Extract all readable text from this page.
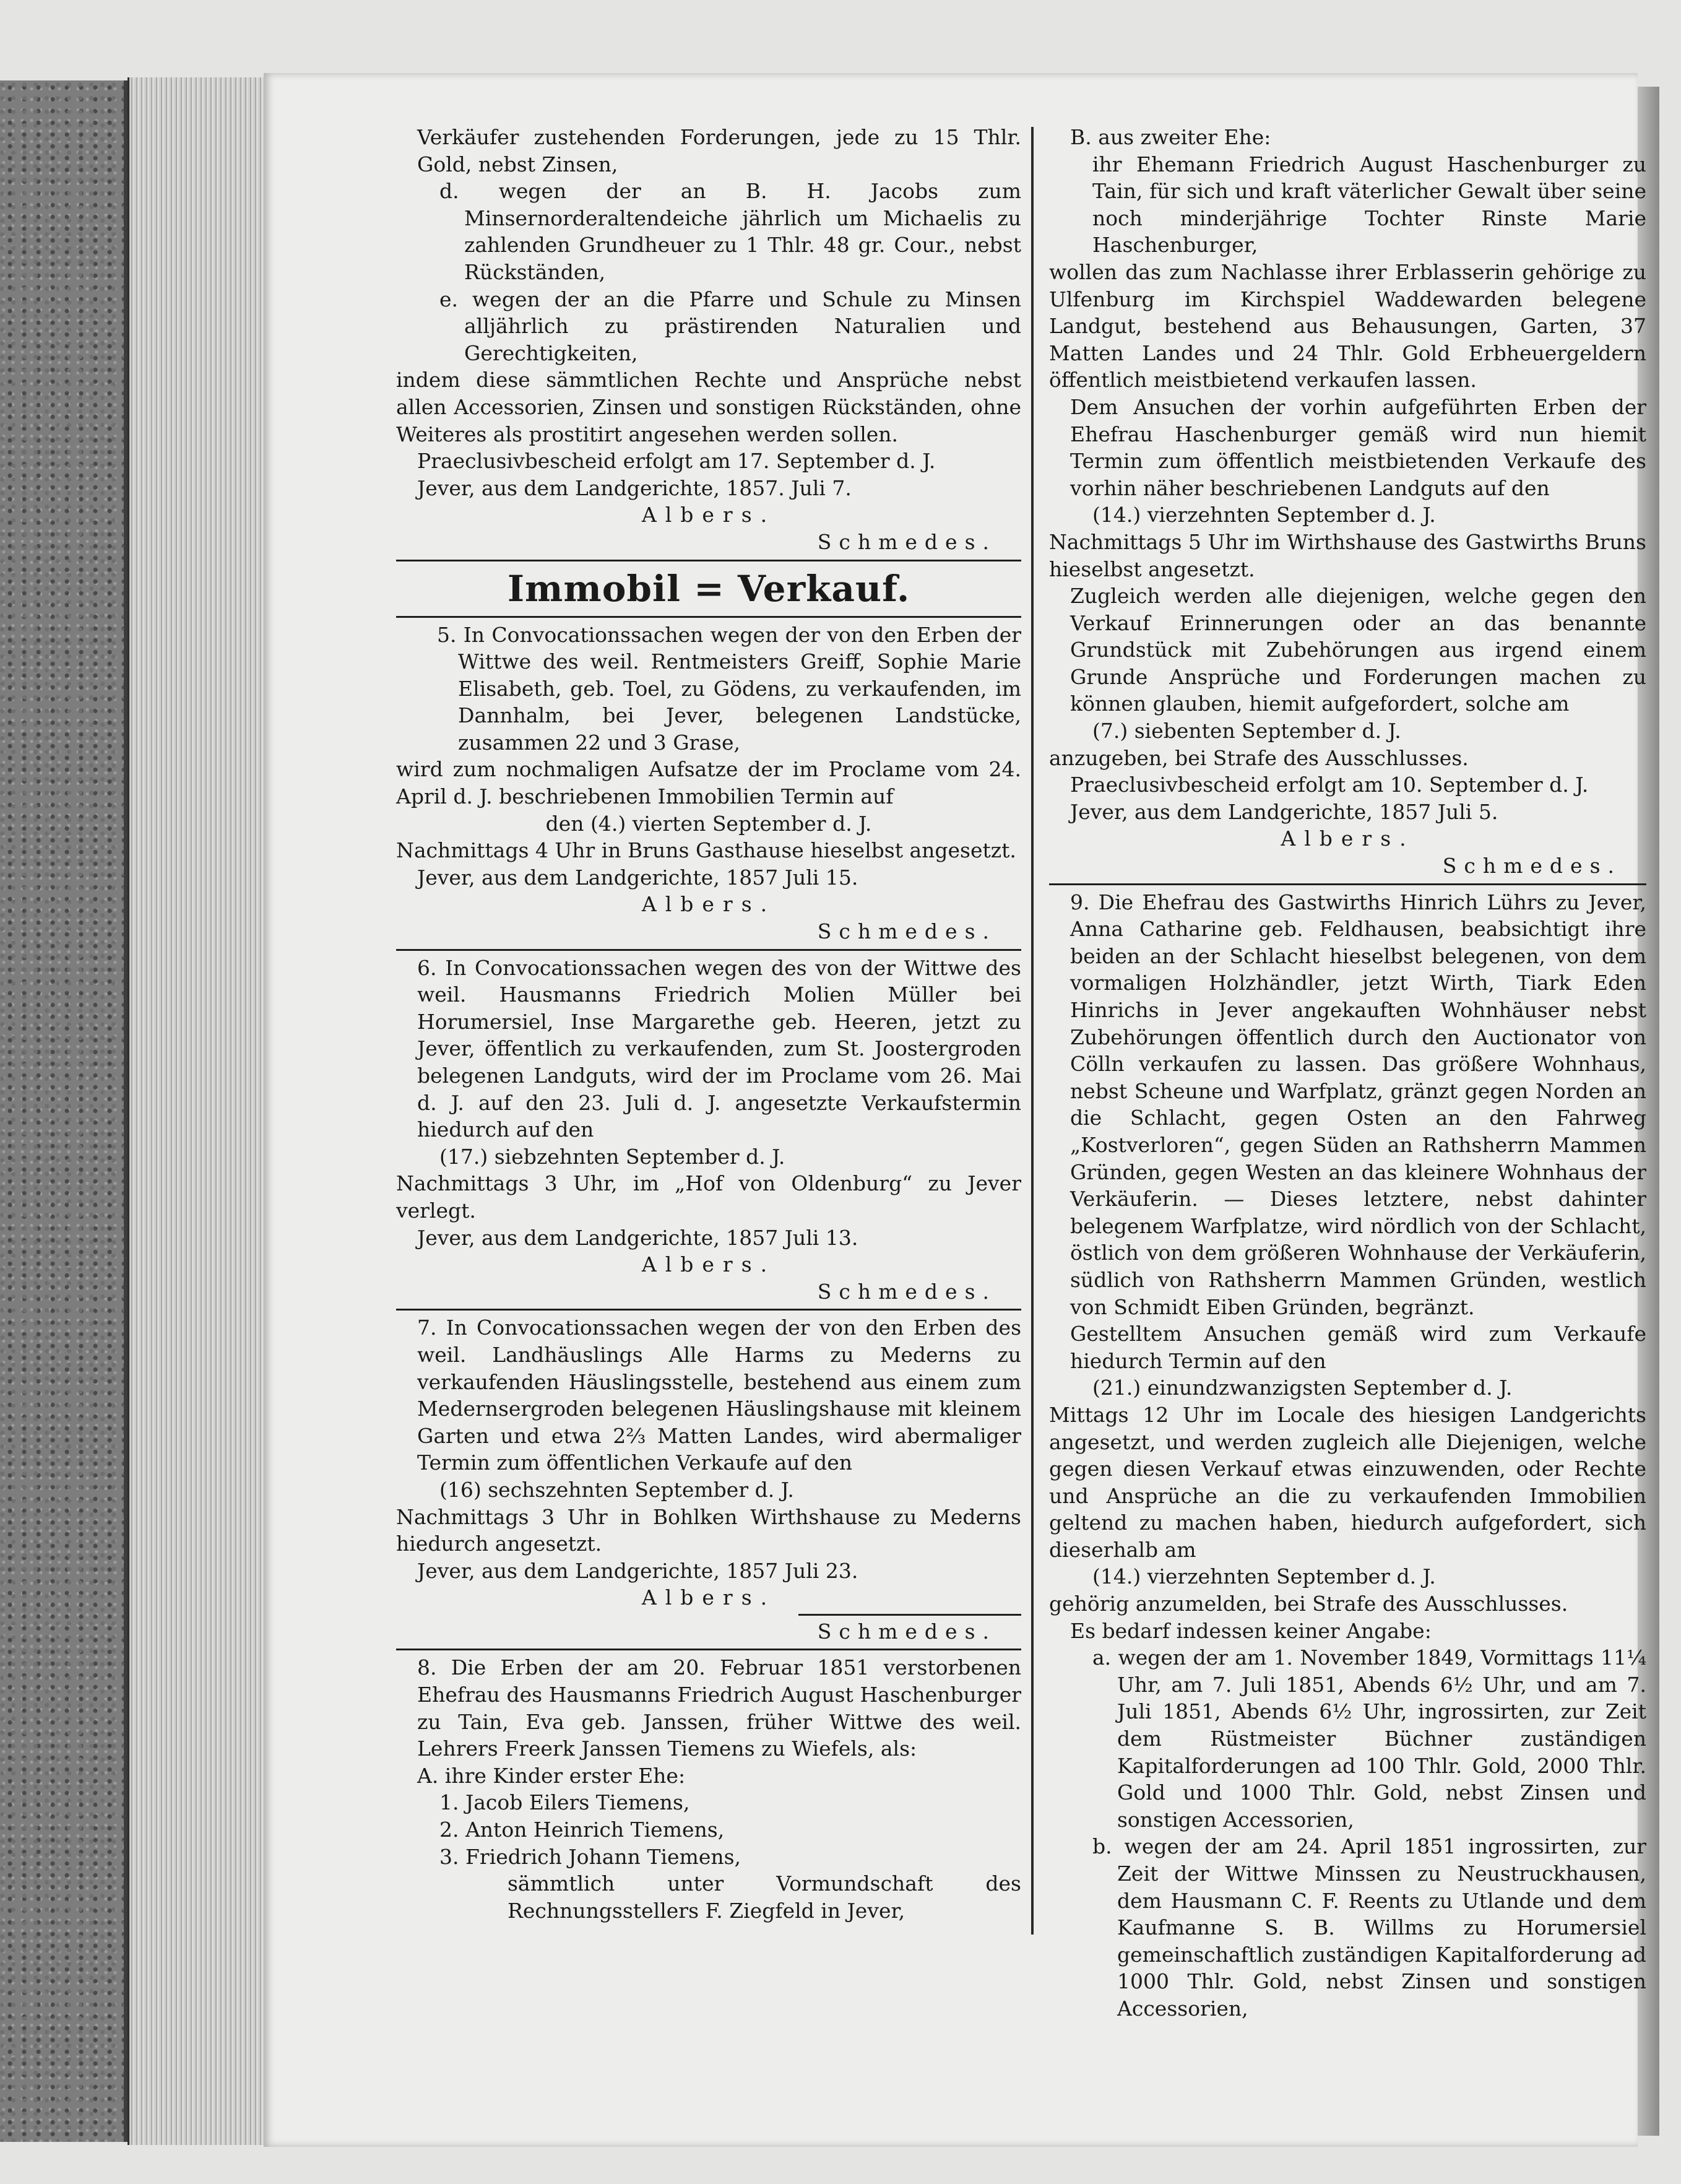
Verkäufer zustehenden Forderungen, jede zu 15 Thlr. Gold, nebst Zinsen,

d. wegen der an B. H. Jacobs zum Minsernorderaltendeiche jährlich um Michaelis zu zahlenden Grundheuer zu 1 Thlr. 48 gr. Cour., nebst Rückständen,

e. wegen der an die Pfarre und Schule zu Minsen alljährlich zu prästirenden Naturalien und Gerechtigkeiten,

indem diese sämmtlichen Rechte und Ansprüche nebst allen Accessorien, Zinsen und sonstigen Rückständen, ohne Weiteres als prostitirt angesehen werden sollen.

Praeclusivbescheid erfolgt am 17. September d. J.

Jever, aus dem Landgerichte, 1857. Juli 7.

Albers.

Schmedes.

Immobil = Verkauf.

5. In Convocationssachen wegen der von den Erben der Wittwe des weil. Rentmeisters Greiff, Sophie Marie Elisabeth, geb. Toel, zu Gödens, zu verkaufenden, im Dannhalm, bei Jever, belegenen Landstücke, zusammen 22 und 3 Grase,

wird zum nochmaligen Aufsatze der im Proclame vom 24. April d. J. beschriebenen Immobilien Termin auf

den (4.) vierten September d. J.

Nachmittags 4 Uhr in Bruns Gasthause hieselbst angesetzt.

Jever, aus dem Landgerichte, 1857 Juli 15.

Albers.

Schmedes.

6. In Convocationssachen wegen des von der Wittwe des weil. Hausmanns Friedrich Molien Müller bei Horumersiel, Inse Margarethe geb. Heeren, jetzt zu Jever, öffentlich zu verkaufenden, zum St. Joostergroden belegenen Landguts, wird der im Proclame vom 26. Mai d. J. auf den 23. Juli d. J. angesetzte Verkaufstermin hiedurch auf den

(17.) siebzehnten September d. J.

Nachmittags 3 Uhr, im „Hof von Oldenburg“ zu Jever verlegt.

Jever, aus dem Landgerichte, 1857 Juli 13.

Albers.

Schmedes.

7. In Convocationssachen wegen der von den Erben des weil. Landhäuslings Alle Harms zu Mederns zu verkaufenden Häuslingsstelle, bestehend aus einem zum Medernsergroden belegenen Häuslingshause mit kleinem Garten und etwa 2⅔ Matten Landes, wird abermaliger Termin zum öffentlichen Verkaufe auf den

(16) sechszehnten September d. J.

Nachmittags 3 Uhr in Bohlken Wirthshause zu Mederns hiedurch angesetzt.

Jever, aus dem Landgerichte, 1857 Juli 23.

Albers.

Schmedes.

8. Die Erben der am 20. Februar 1851 verstorbenen Ehefrau des Hausmanns Friedrich August Haschenburger zu Tain, Eva geb. Janssen, früher Wittwe des weil. Lehrers Freerk Janssen Tiemens zu Wiefels, als:

A. ihre Kinder erster Ehe:

1. Jacob Eilers Tiemens,

2. Anton Heinrich Tiemens,

3. Friedrich Johann Tiemens,

sämmtlich unter Vormundschaft des Rechnungsstellers F. Ziegfeld in Jever,

B. aus zweiter Ehe:

ihr Ehemann Friedrich August Haschenburger zu Tain, für sich und kraft väterlicher Gewalt über seine noch minderjährige Tochter Rinste Marie Haschenburger,

wollen das zum Nachlasse ihrer Erblasserin gehörige zu Ulfenburg im Kirchspiel Waddewarden belegene Landgut, bestehend aus Behausungen, Garten, 37 Matten Landes und 24 Thlr. Gold Erbheuergeldern öffentlich meistbietend verkaufen lassen.

Dem Ansuchen der vorhin aufgeführten Erben der Ehefrau Haschenburger gemäß wird nun hiemit Termin zum öffentlich meistbietenden Verkaufe des vorhin näher beschriebenen Landguts auf den

(14.) vierzehnten September d. J.

Nachmittags 5 Uhr im Wirthshause des Gastwirths Bruns hieselbst angesetzt.

Zugleich werden alle diejenigen, welche gegen den Verkauf Erinnerungen oder an das benannte Grundstück mit Zubehörungen aus irgend einem Grunde Ansprüche und Forderungen machen zu können glauben, hiemit aufgefordert, solche am

(7.) siebenten September d. J.

anzugeben, bei Strafe des Ausschlusses.

Praeclusivbescheid erfolgt am 10. September d. J.

Jever, aus dem Landgerichte, 1857 Juli 5.

Albers.

Schmedes.

9. Die Ehefrau des Gastwirths Hinrich Lührs zu Jever, Anna Catharine geb. Feldhausen, beabsichtigt ihre beiden an der Schlacht hieselbst belegenen, von dem vormaligen Holzhändler, jetzt Wirth, Tiark Eden Hinrichs in Jever angekauften Wohnhäuser nebst Zubehörungen öffentlich durch den Auctionator von Cölln verkaufen zu lassen. Das größere Wohnhaus, nebst Scheune und Warfplatz, gränzt gegen Norden an die Schlacht, gegen Osten an den Fahrweg „Kostverloren“, gegen Süden an Rathsherrn Mammen Gründen, gegen Westen an das kleinere Wohnhaus der Verkäuferin. — Dieses letztere, nebst dahinter belegenem Warfplatze, wird nördlich von der Schlacht, östlich von dem größeren Wohnhause der Verkäuferin, südlich von Rathsherrn Mammen Gründen, westlich von Schmidt Eiben Gründen, begränzt.

Gestelltem Ansuchen gemäß wird zum Verkaufe hiedurch Termin auf den

(21.) einundzwanzigsten September d. J.

Mittags 12 Uhr im Locale des hiesigen Landgerichts angesetzt, und werden zugleich alle Diejenigen, welche gegen diesen Verkauf etwas einzuwenden, oder Rechte und Ansprüche an die zu verkaufenden Immobilien geltend zu machen haben, hiedurch aufgefordert, sich dieserhalb am

(14.) vierzehnten September d. J.

gehörig anzumelden, bei Strafe des Ausschlusses.

Es bedarf indessen keiner Angabe:

a. wegen der am 1. November 1849, Vormittags 11¼ Uhr, am 7. Juli 1851, Abends 6½ Uhr, und am 7. Juli 1851, Abends 6½ Uhr, ingrossirten, zur Zeit dem Rüstmeister Büchner zuständigen Kapitalforderungen ad 100 Thlr. Gold, 2000 Thlr. Gold und 1000 Thlr. Gold, nebst Zinsen und sonstigen Accessorien,

b. wegen der am 24. April 1851 ingrossirten, zur Zeit der Wittwe Minssen zu Neustruckhausen, dem Hausmann C. F. Reents zu Utlande und dem Kaufmanne S. B. Willms zu Horumersiel gemeinschaftlich zuständigen Kapitalforderung ad 1000 Thlr. Gold, nebst Zinsen und sonstigen Accessorien,
